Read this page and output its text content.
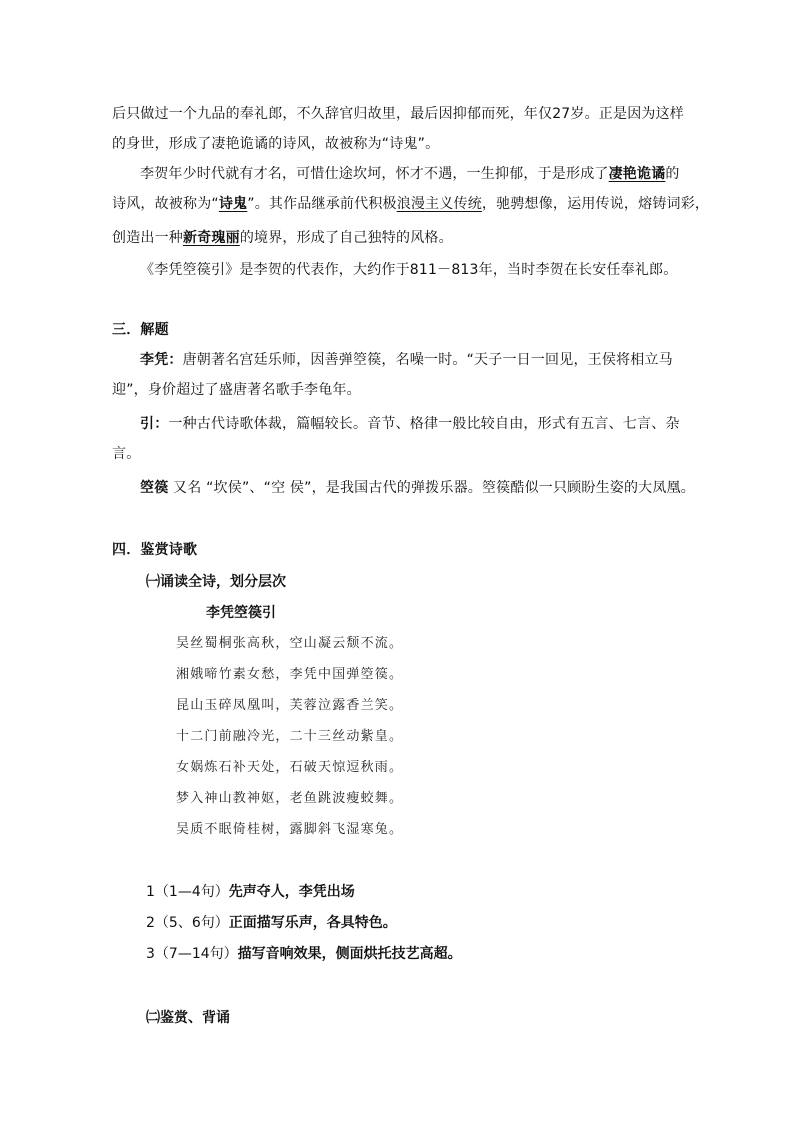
后只做过一个九品的奉礼郎，不久辞官归故里，最后因抑郁而死，年仅27岁。正是因为这样
的身世，形成了凄艳诡谲的诗风，故被称为“诗鬼”。
李贺年少时代就有才名，可惜仕途坎坷，怀才不遇，一生抑郁，于是形成了凄艳诡谲的
诗风，故被称为“诗鬼”。其作品继承前代积极浪漫主义传统，驰骋想像，运用传说，熔铸词彩，
创造出一种新奇瑰丽的境界，形成了自己独特的风格。
《李凭箜篌引》是李贺的代表作，大约作于811－813年，当时李贺在长安任奉礼郎。
三．解题
李凭：唐朝著名宫廷乐师，因善弹箜篌，名噪一时。“天子一日一回见，王侯将相立马
迎”，身价超过了盛唐著名歌手李龟年。
引：一种古代诗歌体裁，篇幅较长。音节、格律一般比较自由，形式有五言、七言、杂
言。
箜篌 又名 “坎侯”、“空 侯”，是我国古代的弹拨乐器。箜篌酷似一只顾盼生姿的大凤凰。
四．鉴赏诗歌
㈠诵读全诗，划分层次
李凭箜篌引
吴丝蜀桐张高秋，空山凝云颓不流。
湘娥啼竹素女愁，李凭中国弹箜篌。
昆山玉碎凤凰叫，芙蓉泣露香兰笑。
十二门前融冷光，二十三丝动紫皇。
女娲炼石补天处，石破天惊逗秋雨。
梦入神山教神妪，老鱼跳波瘦蛟舞。
吴质不眠倚桂树，露脚斜飞湿寒兔。
1（1—4句）先声夺人，李凭出场
2（5、6句）正面描写乐声，各具特色。
3（7—14句）描写音响效果，侧面烘托技艺高超。
㈡鉴赏、背诵
